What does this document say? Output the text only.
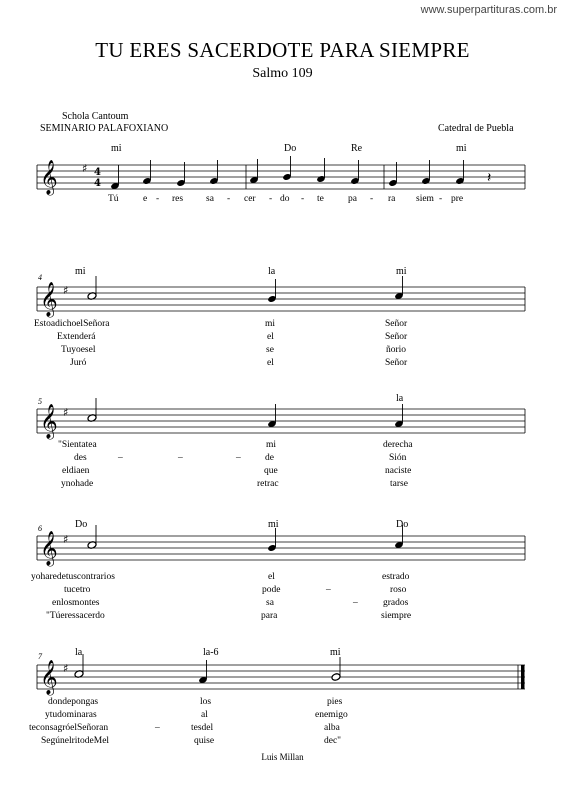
www.superpartituras.com.br
TU ERES SACERDOTE PARA SIEMPRE
Salmo 109
Schola Cantoum
SEMINARIO PALAFOXIANO	Catedral de Puebla
𝄞 ♯ 4
4
𝄞 ♯
𝄞 ♯
𝄞 ♯
𝄞 ♯
𝄽
4
5
6
7
mi	Do	Re	mi
mi	la	mi
la
Do	mi	Do
la	la-6	mi
Tú	e - res sa - cer - do - te	pa - ra siem - pre
EstoadichoelSeñora	mi	Señor
Extenderá	el	Señor
Tuyoesel	se	ñorio
Juró	el	Señor
"Sientatea	mi	derecha
des	–	–	–	de	Sión
eldiaen	que	naciste
ynohade	retrac	tarse
yoharedetuscontrarios	el	estrado
tucetro	pode	–	roso
enlosmontes	sa	–	grados
"Túeressacerdo	para	siempre
dondepongas	los	pies
ytudominaras	al	enemigo
teconsagróelSeñoran	–	tesdel	alba
SegúnelritodeMel	quise	dec"
Luis Millan
